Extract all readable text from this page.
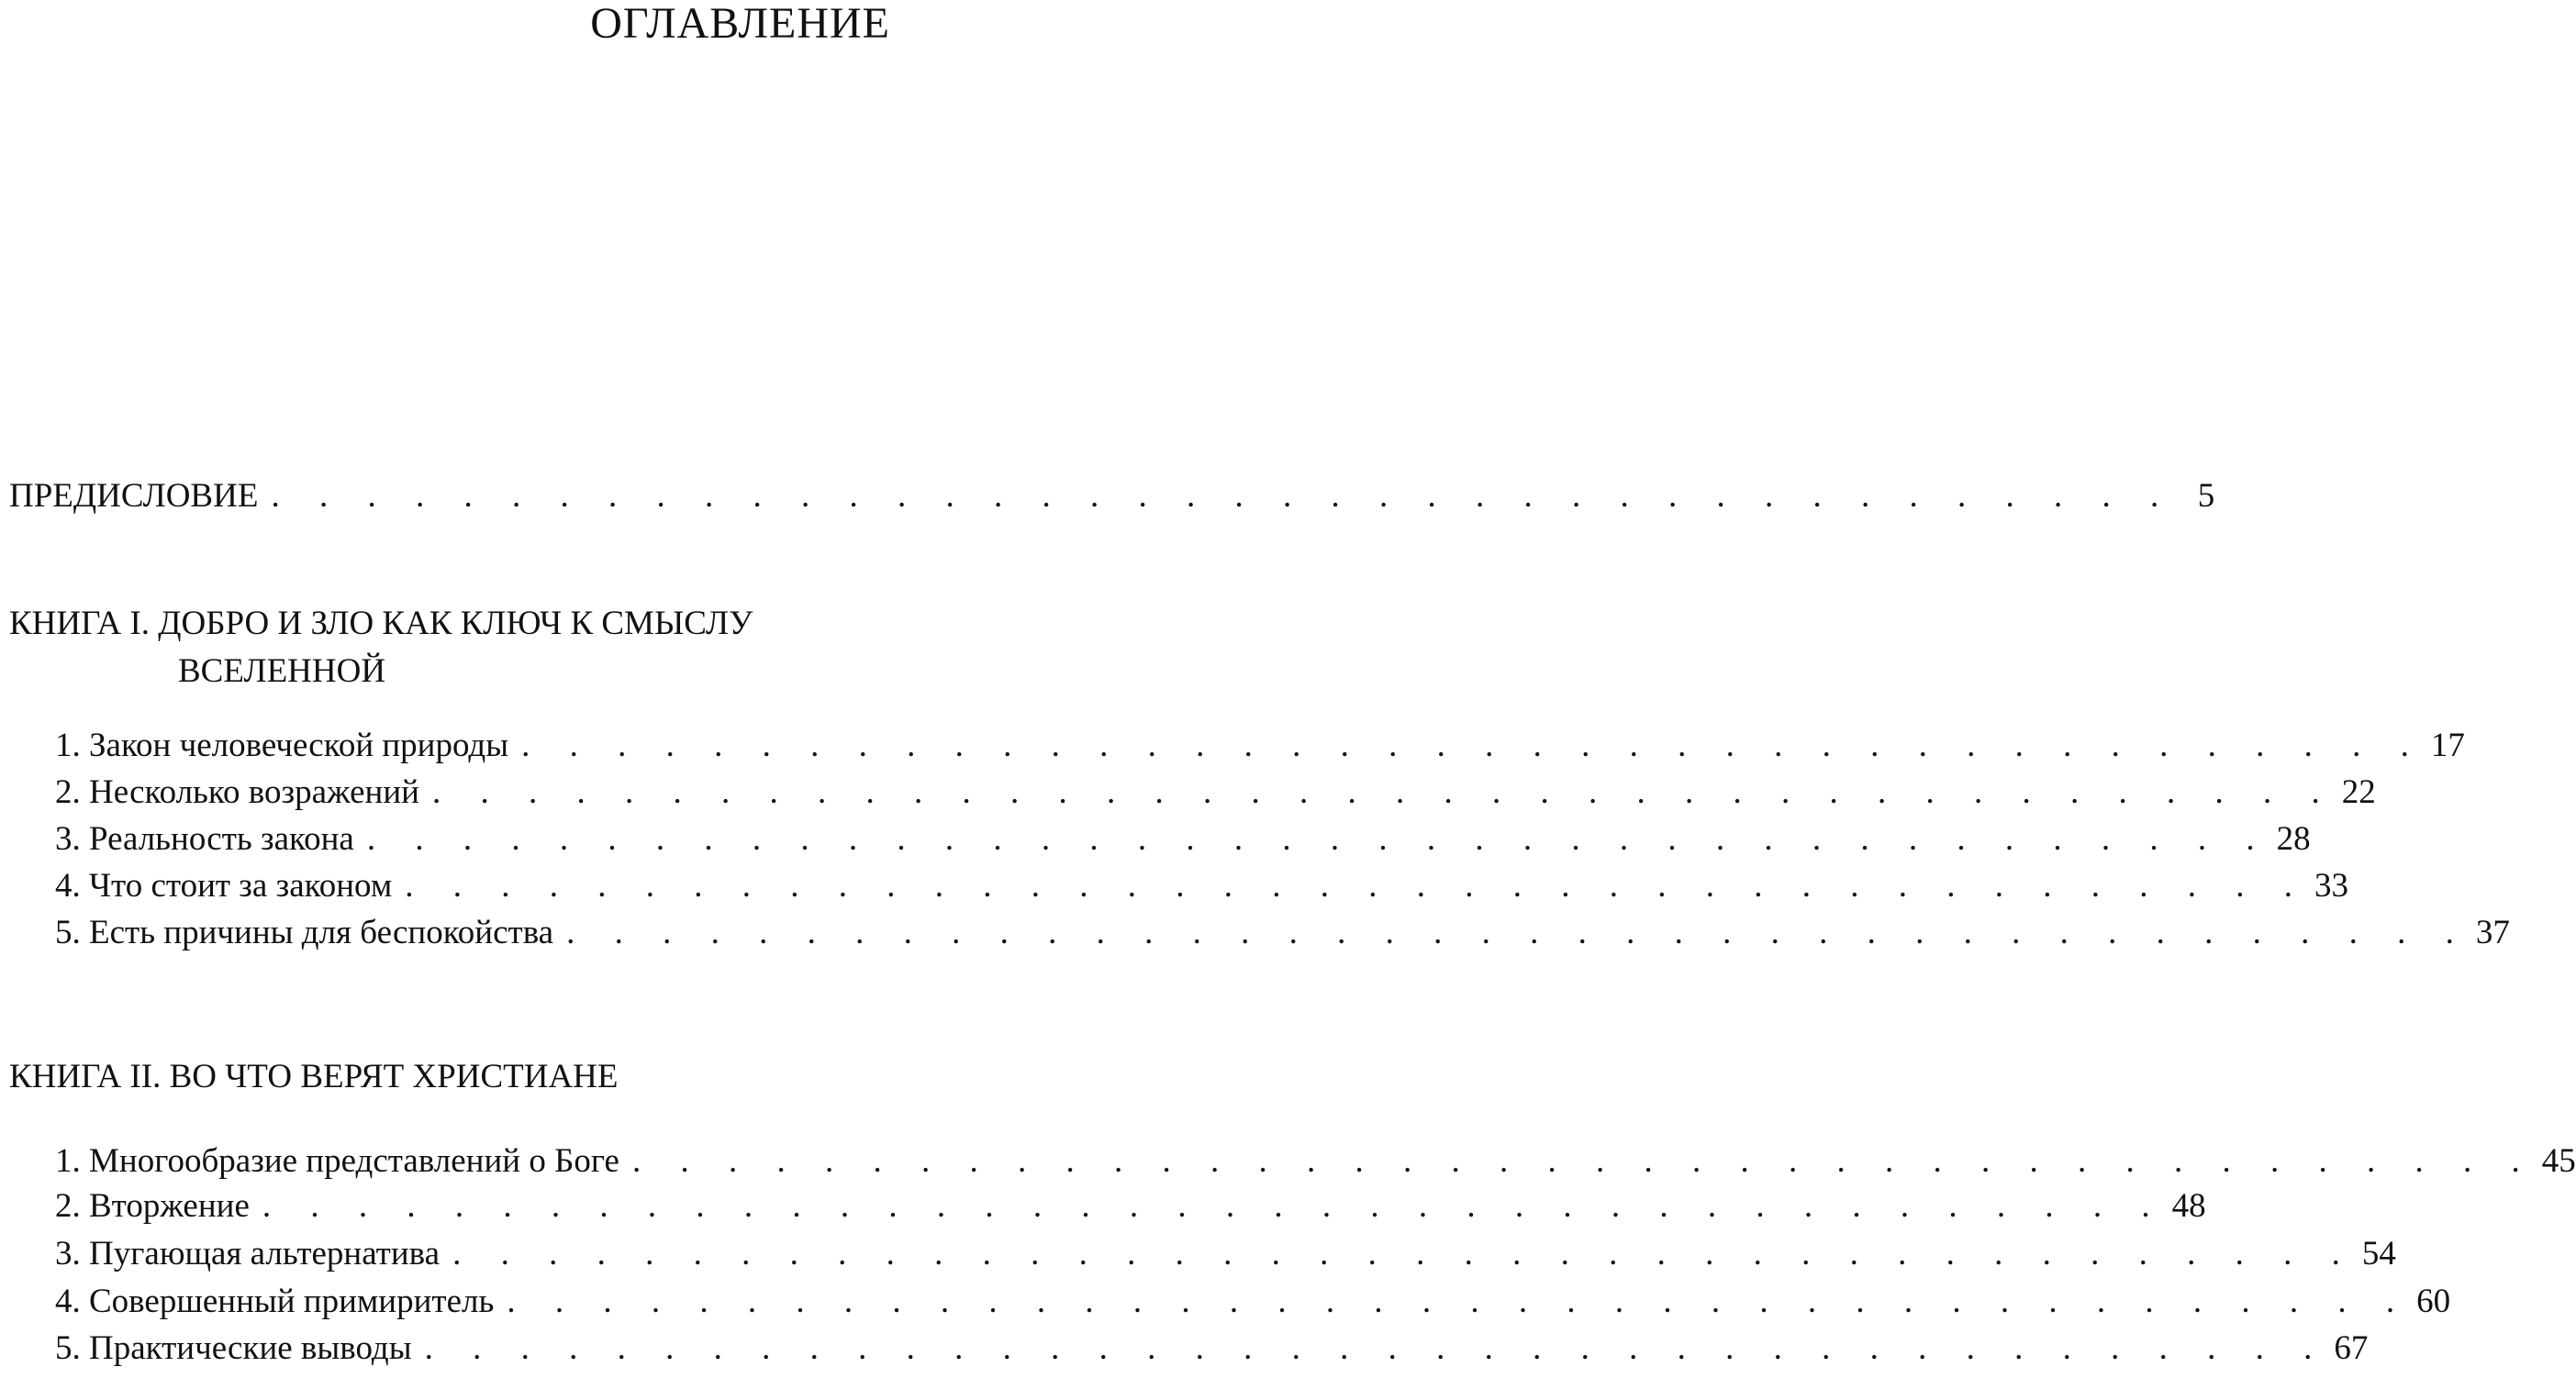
ОГЛАВЛЕНИЕ
ПРЕДИСЛОВИЕ . . . . . . . . . . . . . . . . . . . . . . . . . . . . . . . . . . . . . . . . 5
КНИГА I. ДОБРО И ЗЛО КАК КЛЮЧ К СМЫСЛУ
ВСЕЛЕННОЙ
1. Закон человеческой природы . . . . . . . . . . . . . . . . . . . . . . . . . . . . . . . . . . . . . . . . 17
2. Несколько возражений . . . . . . . . . . . . . . . . . . . . . . . . . . . . . . . . . . . . . . . . 22
3. Реальность закона . . . . . . . . . . . . . . . . . . . . . . . . . . . . . . . . . . . . . . . . 28
4. Что стоит за законом . . . . . . . . . . . . . . . . . . . . . . . . . . . . . . . . . . . . . . . . 33
5. Есть причины для беспокойства . . . . . . . . . . . . . . . . . . . . . . . . . . . . . . . . . . . . . . . . 37
КНИГА II. ВО ЧТО ВЕРЯТ ХРИСТИАНЕ
1. Многообразие представлений о Боге . . . . . . . . . . . . . . . . . . . . . . . . . . . . . . . . . . . . . . . . 45
2. Вторжение . . . . . . . . . . . . . . . . . . . . . . . . . . . . . . . . . . . . . . . . 48
3. Пугающая альтернатива . . . . . . . . . . . . . . . . . . . . . . . . . . . . . . . . . . . . . . . . 54
4. Совершенный примиритель . . . . . . . . . . . . . . . . . . . . . . . . . . . . . . . . . . . . . . . . 60
5. Практические выводы . . . . . . . . . . . . . . . . . . . . . . . . . . . . . . . . . . . . . . . . 67
